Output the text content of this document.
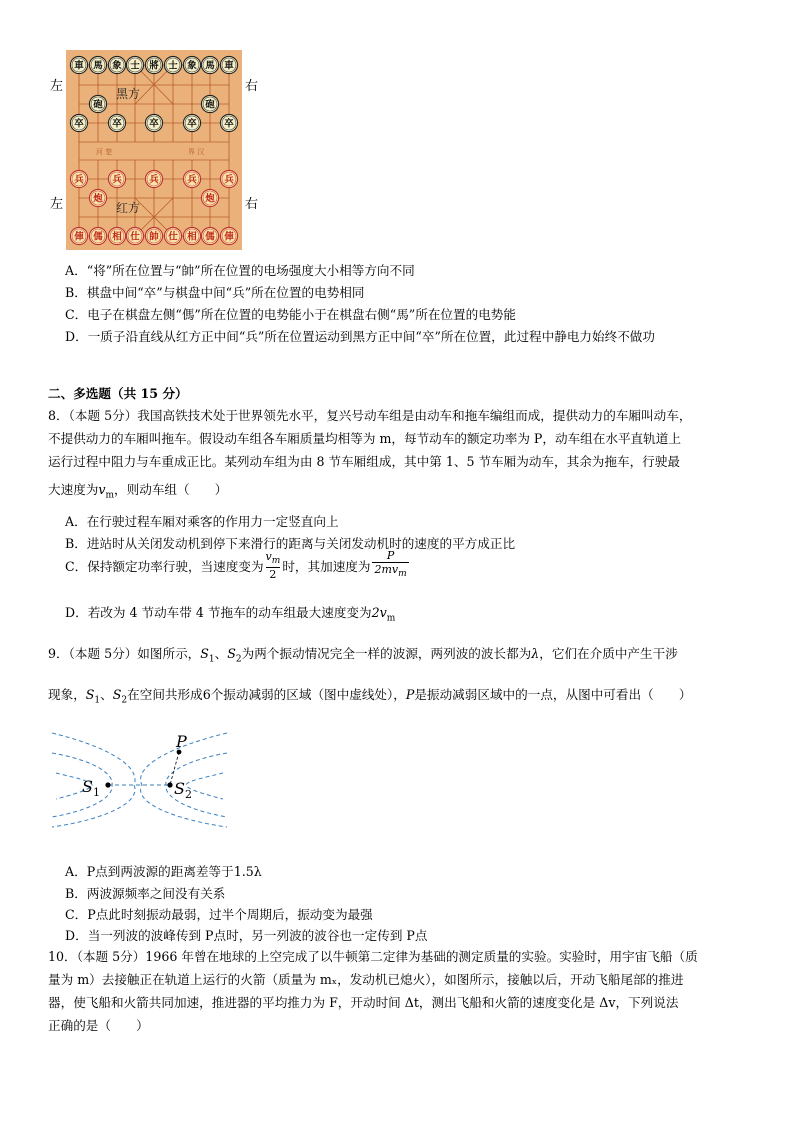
左	右
左	右
河 楚	界 汉
黑方
红方
車 馬 象 士 將 士 象 馬 車
砲	砲
卒	卒	卒	卒	卒
兵	兵	兵	兵	兵
炮	炮
俥 傌 相 仕 帥 仕 相 傌 俥
A．“将”所在位置与“帥”所在位置的电场强度大小相等方向不同
B．棋盘中间“卒”与棋盘中间“兵”所在位置的电势相同
C．电子在棋盘左侧“傌”所在位置的电势能小于在棋盘右侧“馬”所在位置的电势能
D．一质子沿直线从红方正中间“兵”所在位置运动到黑方正中间“卒”所在位置，此过程中静电力始终不做功
二、多选题（共 15 分）
8．（本题 5分）我国高铁技术处于世界领先水平，复兴号动车组是由动车和拖车编组而成，提供动力的车厢叫动车，
不提供动力的车厢叫拖车。假设动车组各车厢质量均相等为 m，每节动车的额定功率为 P，动车组在水平直轨道上
运行过程中阻力与车重成正比。某列动车组为由 8 节车厢组成，其中第 1、5 节车厢为动车，其余为拖车，行驶最
大速度为$v_m$，则动车组（　　）
A．在行驶过程车厢对乘客的作用力一定竖直向上
B．进站时从关闭发动机到停下来滑行的距离与关闭发动机时的速度的平方成正比
C．保持额定功率行驶，当速度变为 $\frac{v_m}{2}$ 时，其加速度为 $\frac{P}{2mv_m}$
D．若改为 4 节动车带 4 节拖车的动车组最大速度变为$2v_m$
9．（本题 5分）如图所示，$S_1$、$S_2$为两个振动情况完全一样的波源，两列波的波长都为λ，它们在介质中产生干涉
现象，$S_1$、$S_2$在空间共形成6个振动减弱的区域（图中虚线处），P是振动减弱区域中的一点，从图中可看出（　　）
P
$S_1$	$S_2$
A．P点到两波源的距离差等于1.5λ
B．两波源频率之间没有关系
C．P点此时刻振动最弱，过半个周期后，振动变为最强
D．当一列波的波峰传到 P点时，另一列波的波谷也一定传到 P点
10．（本题 5分）1966 年曾在地球的上空完成了以牛顿第二定律为基础的测定质量的实验。实验时，用宇宙飞船（质
量为 m）去接触正在轨道上运行的火箭（质量为 mₓ，发动机已熄火），如图所示，接触以后，开动飞船尾部的推进
器，使飞船和火箭共同加速，推进器的平均推力为 F，开动时间 Δt，测出飞船和火箭的速度变化是 Δv，下列说法
正确的是（　　）
